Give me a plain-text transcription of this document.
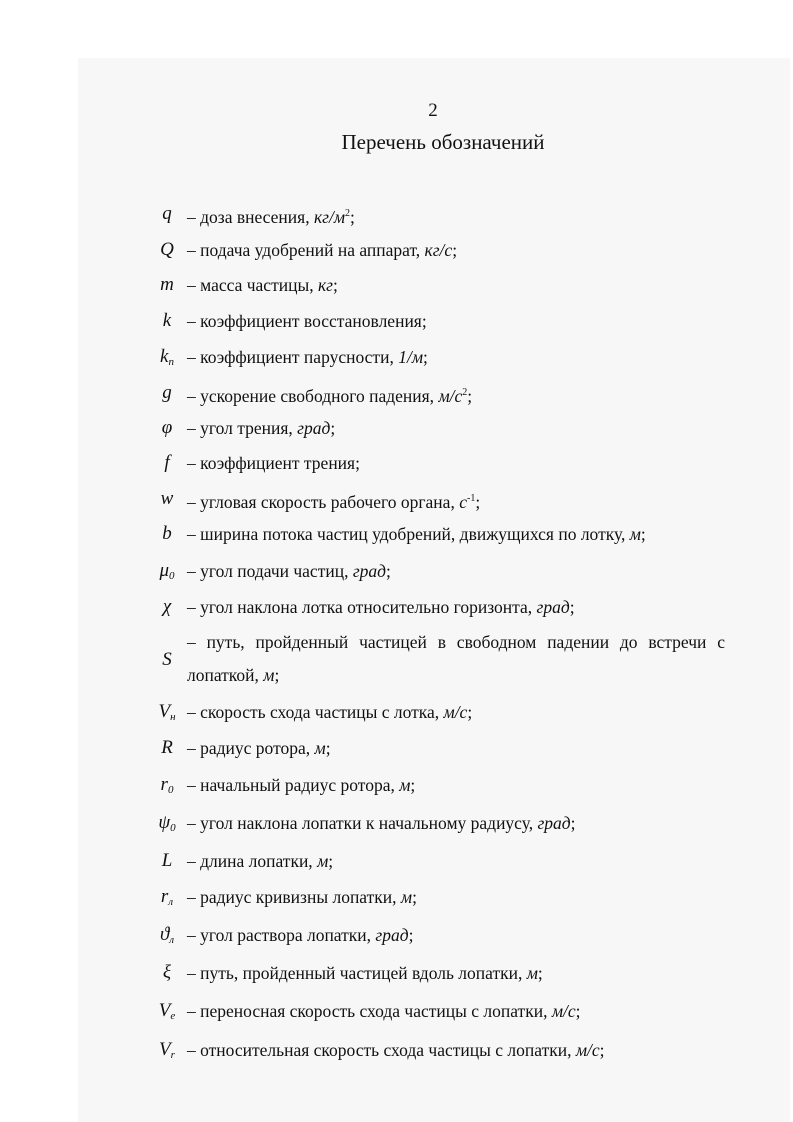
2
Перечень обозначений
q – доза внесения, $кг/м^2$;
Q – подача удобрений на аппарат, кг/с;
m – масса частицы, кг;
k – коэффициент восстановления;
$k_п$ – коэффициент парусности, 1/м;
g – ускорение свободного падения, $м/с^2$;
φ – угол трения, град;
f – коэффициент трения;
w – угловая скорость рабочего органа, $с^{-1}$;
b – ширина потока частиц удобрений, движущихся по лотку, м;
$\mu_0$ – угол подачи частиц, град;
χ – угол наклона лотка относительно горизонта, град;
S
– путь, пройденный частицей в свободном падении до встречи с лопаткой, м;
$V_н$ – скорость схода частицы с лотка, м/с;
R – радиус ротора, м;
$r_0$ – начальный радиус ротора, м;
$\psi_0$ – угол наклона лопатки к начальному радиусу, град;
L – длина лопатки, м;
$r_л$ – радиус кривизны лопатки, м;
$ϑ_л$ – угол раствора лопатки, град;
ξ – путь, пройденный частицей вдоль лопатки, м;
$V_e$ – переносная скорость схода частицы с лопатки, м/с;
$V_r$ – относительная скорость схода частицы с лопатки, м/с;
